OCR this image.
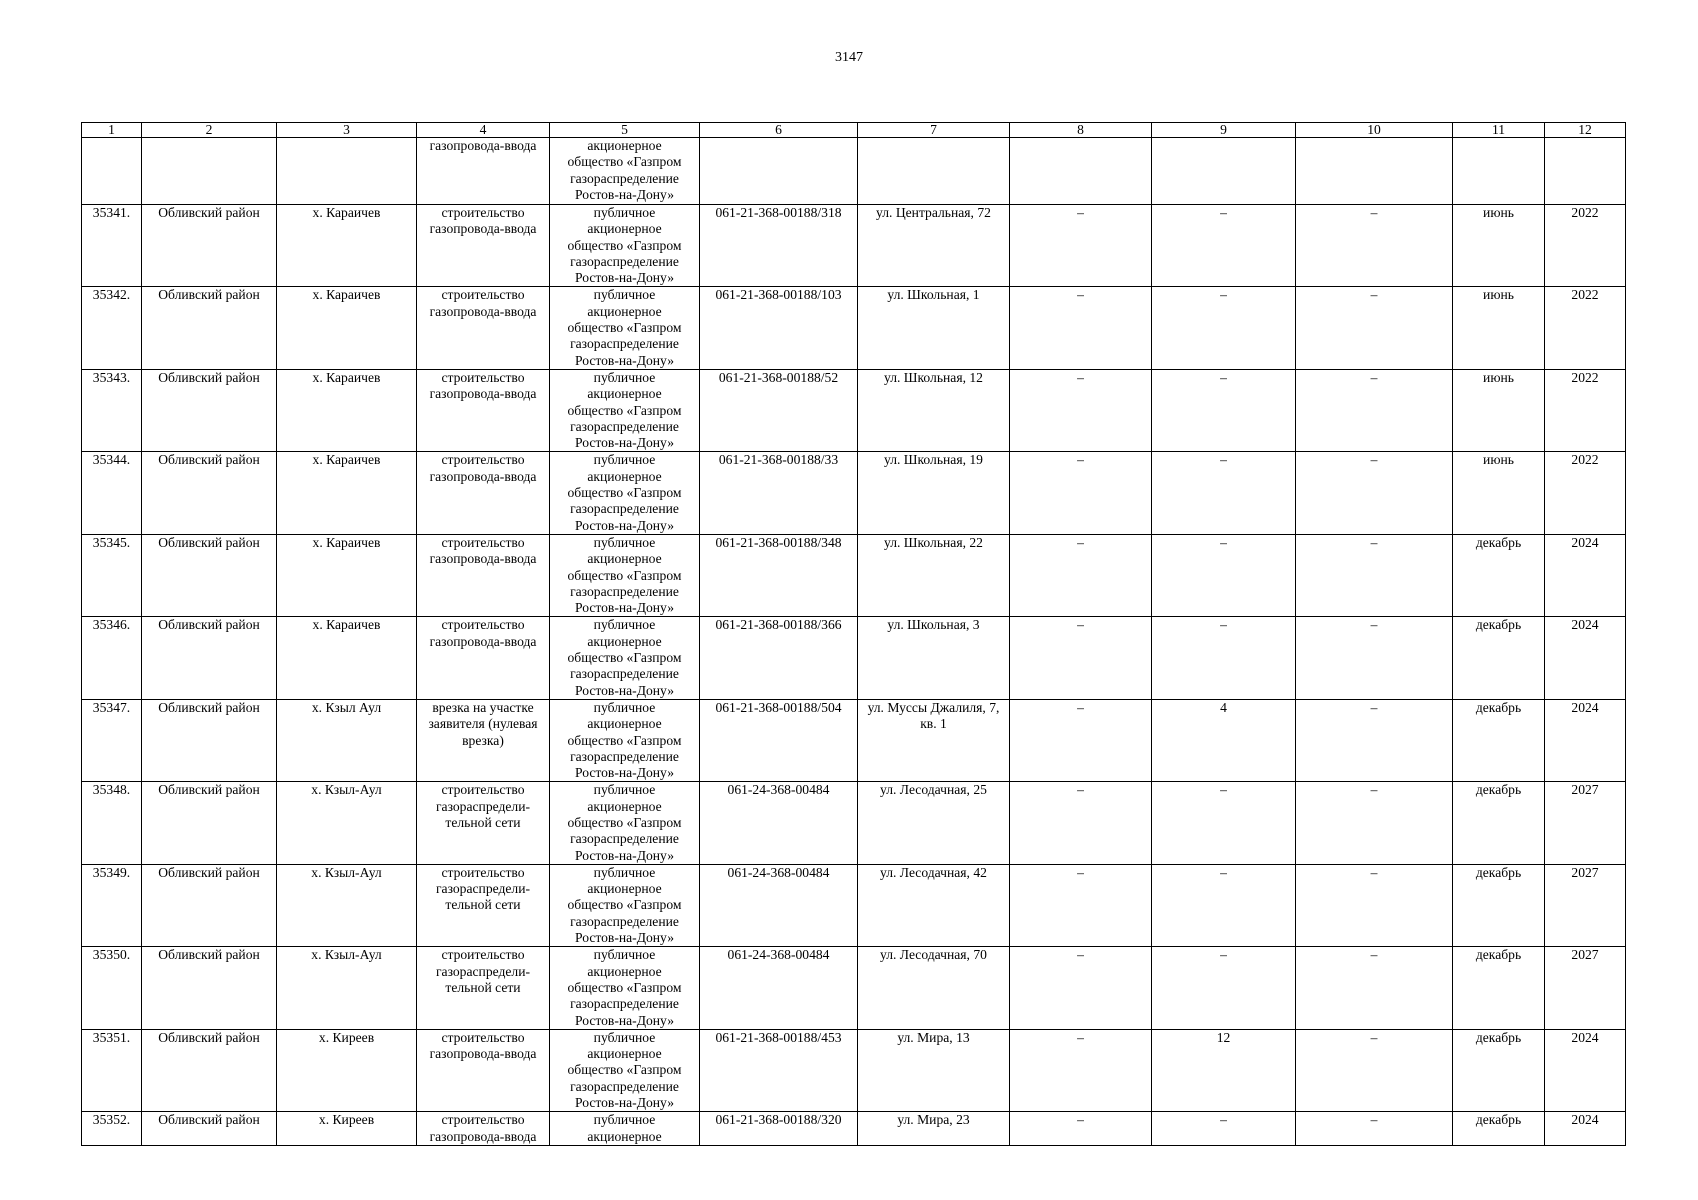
3147
1	2	3	4	5	6	7	8	9	10	11	12
			газопровода-ввода	акционерное
общество «Газпром
газораспределение
Ростов-на-Дону»							
35341.	Обливский район	х. Караичев	строительство газопровода-ввода	публичное
акционерное
общество «Газпром
газораспределение
Ростов-на-Дону»	061-21-368-00188/318	ул. Центральная, 72	–	–	–	июнь	2022
35342.	Обливский район	х. Караичев	строительство газопровода-ввода	публичное
акционерное
общество «Газпром
газораспределение
Ростов-на-Дону»	061-21-368-00188/103	ул. Школьная, 1	–	–	–	июнь	2022
35343.	Обливский район	х. Караичев	строительство газопровода-ввода	публичное
акционерное
общество «Газпром
газораспределение
Ростов-на-Дону»	061-21-368-00188/52	ул. Школьная, 12	–	–	–	июнь	2022
35344.	Обливский район	х. Караичев	строительство газопровода-ввода	публичное
акционерное
общество «Газпром
газораспределение
Ростов-на-Дону»	061-21-368-00188/33	ул. Школьная, 19	–	–	–	июнь	2022
35345.	Обливский район	х. Караичев	строительство газопровода-ввода	публичное
акционерное
общество «Газпром
газораспределение
Ростов-на-Дону»	061-21-368-00188/348	ул. Школьная, 22	–	–	–	декабрь	2024
35346.	Обливский район	х. Караичев	строительство газопровода-ввода	публичное
акционерное
общество «Газпром
газораспределение
Ростов-на-Дону»	061-21-368-00188/366	ул. Школьная, 3	–	–	–	декабрь	2024
35347.	Обливский район	х. Кзыл Аул	врезка на участке заявителя (нулевая врезка)	публичное
акционерное
общество «Газпром
газораспределение
Ростов-на-Дону»	061-21-368-00188/504	ул. Муссы Джалиля, 7, кв. 1	–	4	–	декабрь	2024
35348.	Обливский район	х. Кзыл-Аул	строительство газораспредели-тельной сети	публичное
акционерное
общество «Газпром
газораспределение
Ростов-на-Дону»	061-24-368-00484	ул. Лесодачная, 25	–	–	–	декабрь	2027
35349.	Обливский район	х. Кзыл-Аул	строительство газораспредели-тельной сети	публичное
акционерное
общество «Газпром
газораспределение
Ростов-на-Дону»	061-24-368-00484	ул. Лесодачная, 42	–	–	–	декабрь	2027
35350.	Обливский район	х. Кзыл-Аул	строительство газораспредели-тельной сети	публичное
акционерное
общество «Газпром
газораспределение
Ростов-на-Дону»	061-24-368-00484	ул. Лесодачная, 70	–	–	–	декабрь	2027
35351.	Обливский район	х. Киреев	строительство газопровода-ввода	публичное
акционерное
общество «Газпром
газораспределение
Ростов-на-Дону»	061-21-368-00188/453	ул. Мира, 13	–	12	–	декабрь	2024
35352.	Обливский район	х. Киреев	строительство газопровода-ввода	публичное
акционерное	061-21-368-00188/320	ул. Мира, 23	–	–	–	декабрь	2024
